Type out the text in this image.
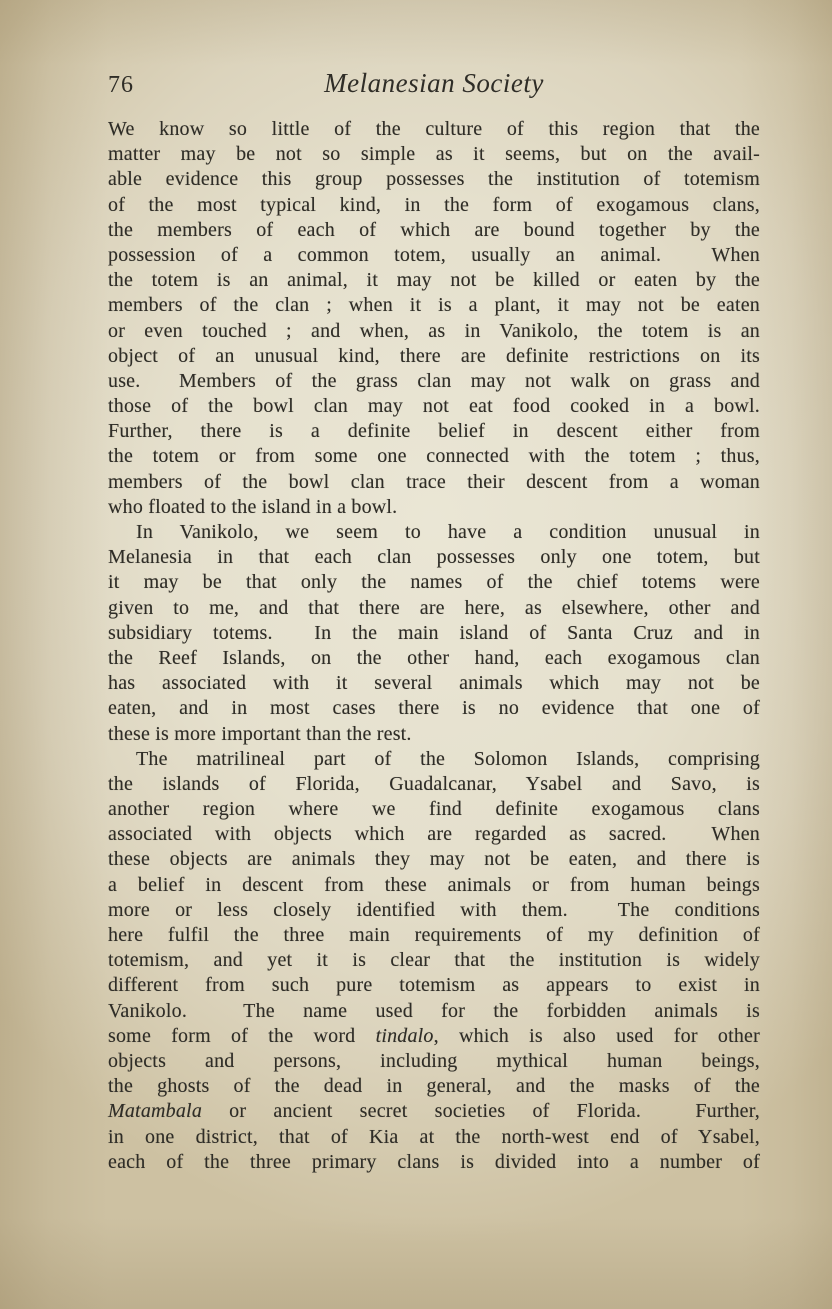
76	Melanesian Society
We know so little of the culture of this region that the
matter may be not so simple as it seems, but on the avail-
able evidence this group possesses the institution of totemism
of the most typical kind, in the form of exogamous clans,
the members of each of which are bound together by the
possession of a common totem, usually an animal.  When
the totem is an animal, it may not be killed or eaten by the
members of the clan ; when it is a plant, it may not be eaten
or even touched ; and when, as in Vanikolo, the totem is an
object of an unusual kind, there are definite restrictions on its
use.  Members of the grass clan may not walk on grass and
those of the bowl clan may not eat food cooked in a bowl.
Further, there is a definite belief in descent either from
the totem or from some one connected with the totem ; thus,
members of the bowl clan trace their descent from a woman
who floated to the island in a bowl.
In Vanikolo, we seem to have a condition unusual in
Melanesia in that each clan possesses only one totem, but
it may be that only the names of the chief totems were
given to me, and that there are here, as elsewhere, other and
subsidiary totems.  In the main island of Santa Cruz and in
the Reef Islands, on the other hand, each exogamous clan
has associated with it several animals which may not be
eaten, and in most cases there is no evidence that one of
these is more important than the rest.
The matrilineal part of the Solomon Islands, comprising
the islands of Florida, Guadalcanar, Ysabel and Savo, is
another region where we find definite exogamous clans
associated with objects which are regarded as sacred.  When
these objects are animals they may not be eaten, and there is
a belief in descent from these animals or from human beings
more or less closely identified with them.  The conditions
here fulfil the three main requirements of my definition of
totemism, and yet it is clear that the institution is widely
different from such pure totemism as appears to exist in
Vanikolo.  The name used for the forbidden animals is
some form of the word tindalo, which is also used for other
objects and persons, including mythical human beings,
the ghosts of the dead in general, and the masks of the
Matambala or ancient secret societies of Florida.  Further,
in one district, that of Kia at the north-west end of Ysabel,
each of the three primary clans is divided into a number of
